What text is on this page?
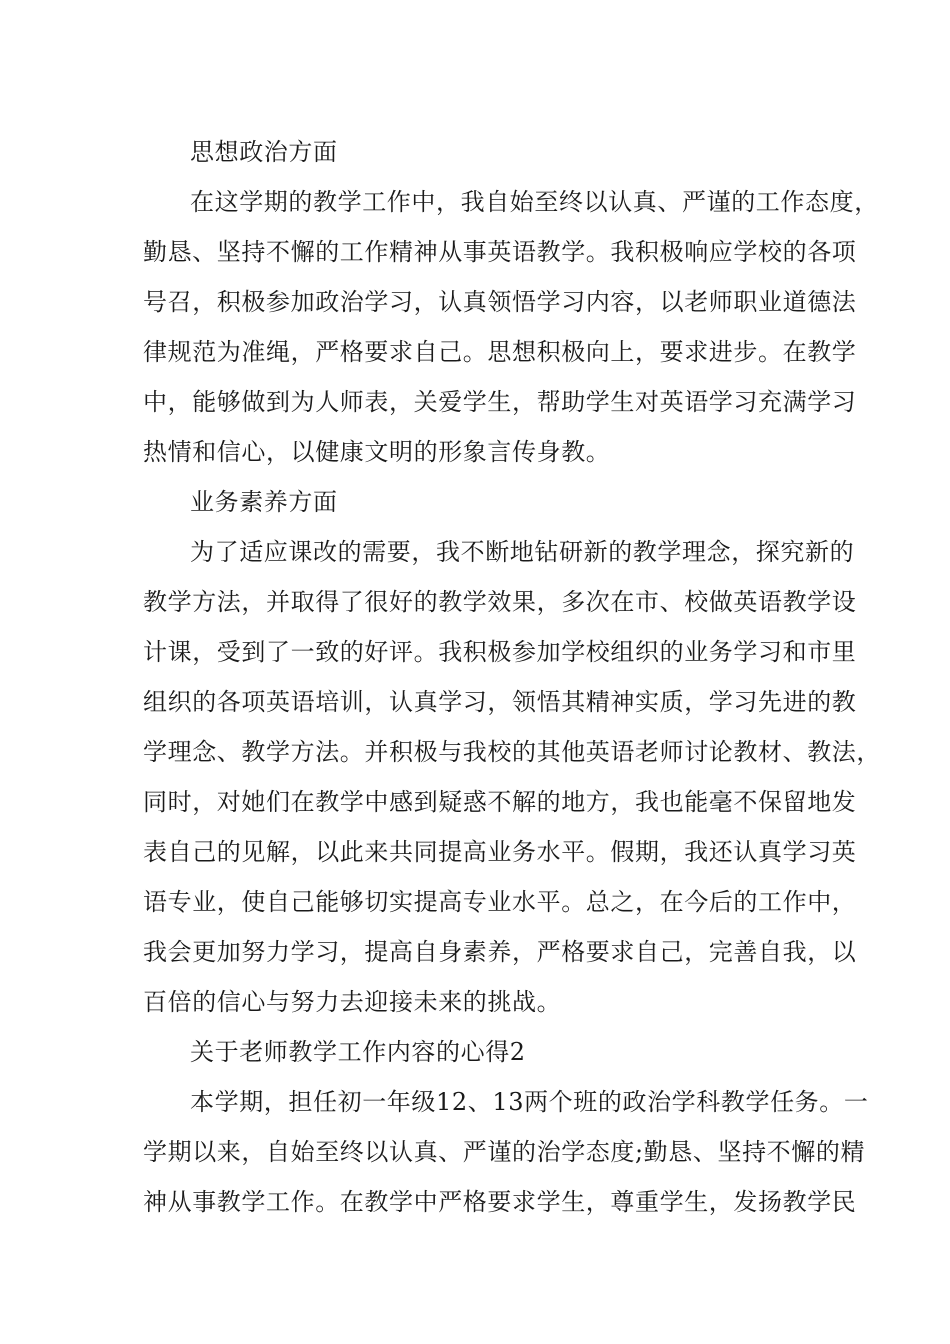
思想政治方面
在这学期的教学工作中，我自始至终以认真、严谨的工作态度，
勤恳、坚持不懈的工作精神从事英语教学。我积极响应学校的各项
号召，积极参加政治学习，认真领悟学习内容，以老师职业道德法
律规范为准绳，严格要求自己。思想积极向上，要求进步。在教学
中，能够做到为人师表，关爱学生，帮助学生对英语学习充满学习
热情和信心，以健康文明的形象言传身教。
业务素养方面
为了适应课改的需要，我不断地钻研新的教学理念，探究新的
教学方法，并取得了很好的教学效果，多次在市、校做英语教学设
计课，受到了一致的好评。我积极参加学校组织的业务学习和市里
组织的各项英语培训，认真学习，领悟其精神实质，学习先进的教
学理念、教学方法。并积极与我校的其他英语老师讨论教材、教法，
同时，对她们在教学中感到疑惑不解的地方，我也能毫不保留地发
表自己的见解，以此来共同提高业务水平。假期，我还认真学习英
语专业，使自己能够切实提高专业水平。总之，在今后的工作中，
我会更加努力学习，提高自身素养，严格要求自己，完善自我，以
百倍的信心与努力去迎接未来的挑战。
关于老师教学工作内容的心得2
本学期，担任初一年级12、13两个班的政治学科教学任务。一
学期以来，自始至终以认真、严谨的治学态度;勤恳、坚持不懈的精
神从事教学工作。在教学中严格要求学生，尊重学生，发扬教学民
